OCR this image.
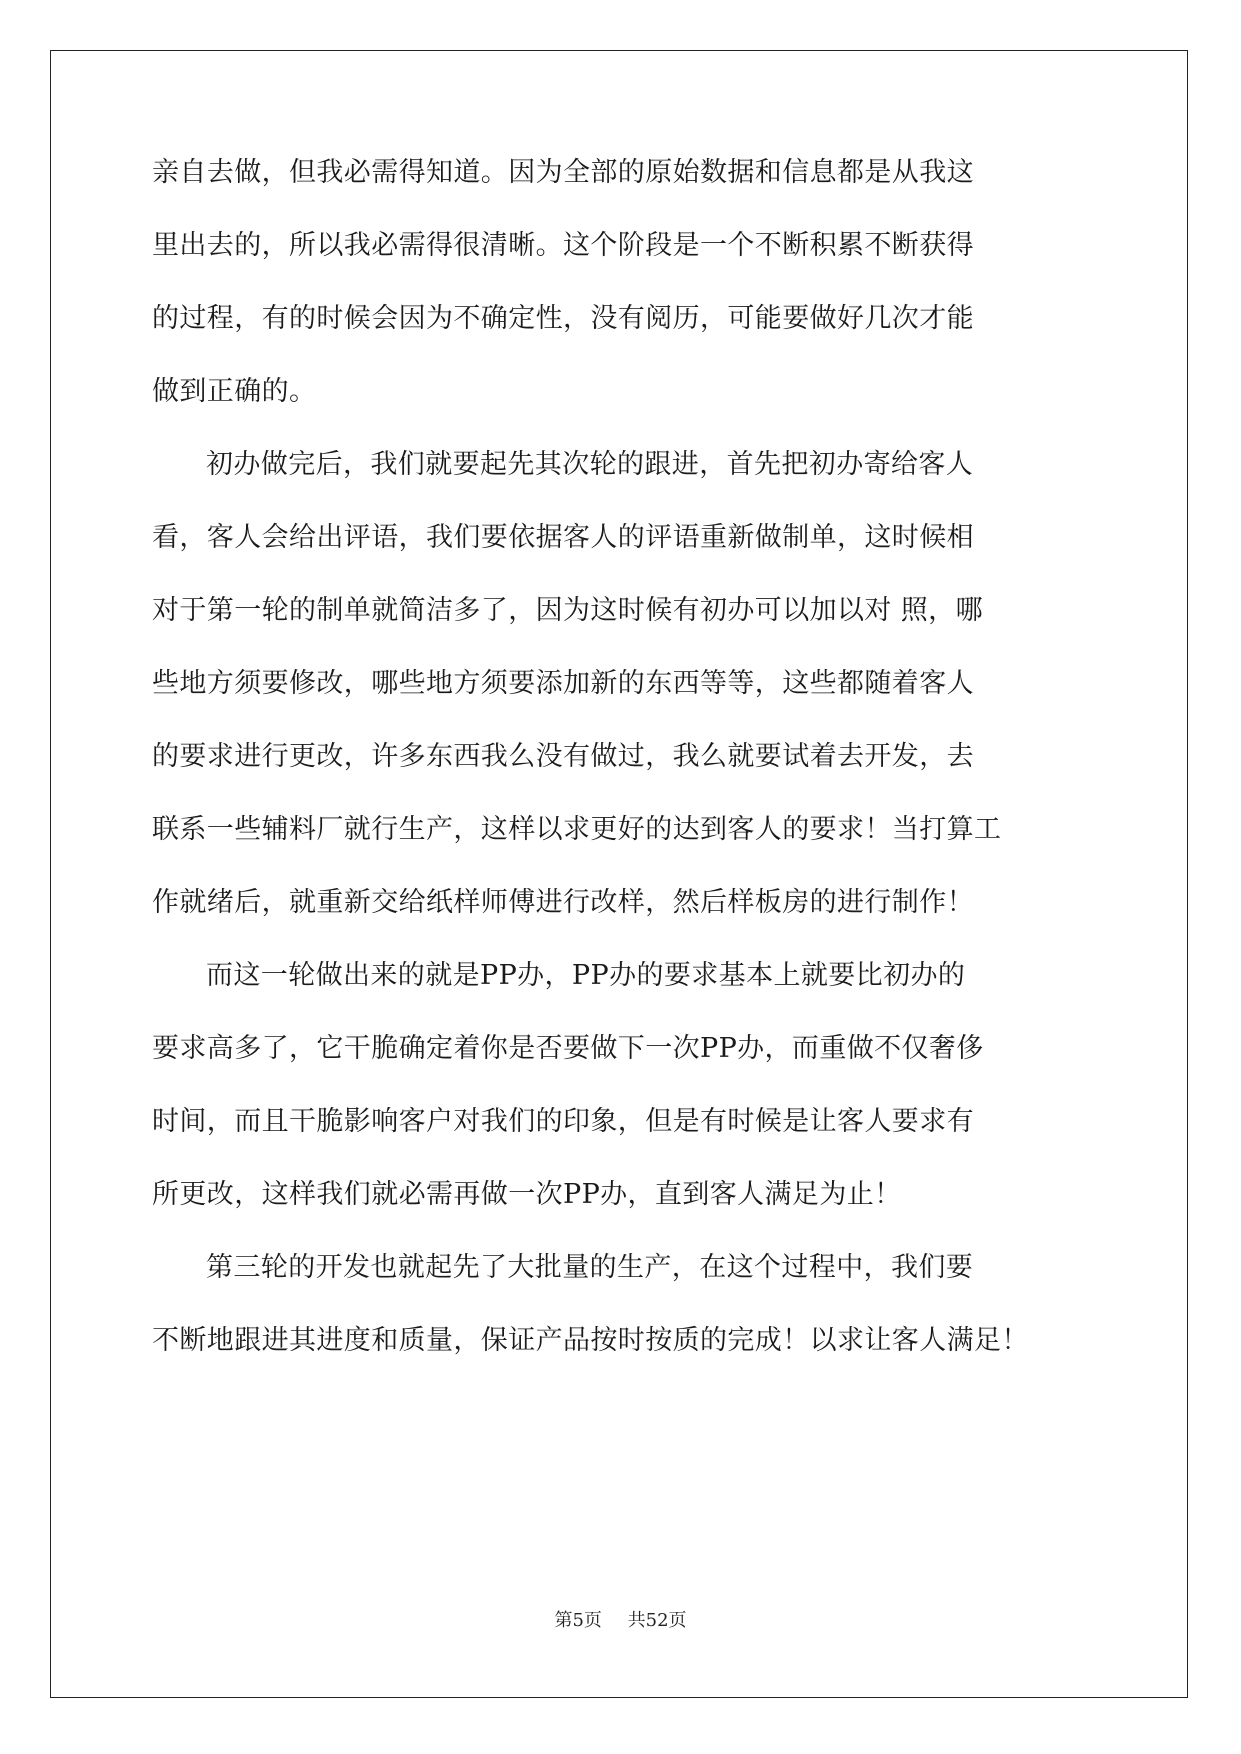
亲自去做，但我必需得知道。因为全部的原始数据和信息都是从我这
里出去的，所以我必需得很清晰。这个阶段是一个不断积累不断获得
的过程，有的时候会因为不确定性，没有阅历，可能要做好几次才能
做到正确的。
初办做完后，我们就要起先其次轮的跟进，首先把初办寄给客人
看，客人会给出评语，我们要依据客人的评语重新做制单，这时候相
对于第一轮的制单就简洁多了，因为这时候有初办可以加以对 照，哪
些地方须要修改，哪些地方须要添加新的东西等等，这些都随着客人
的要求进行更改，许多东西我么没有做过，我么就要试着去开发，去
联系一些辅料厂就行生产，这样以求更好的达到客人的要求！当打算工
作就绪后，就重新交给纸样师傅进行改样，然后样板房的进行制作！
而这一轮做出来的就是PP办，PP办的要求基本上就要比初办的
要求高多了，它干脆确定着你是否要做下一次PP办，而重做不仅奢侈
时间，而且干脆影响客户对我们的印象，但是有时候是让客人要求有
所更改，这样我们就必需再做一次PP办，直到客人满足为止！
第三轮的开发也就起先了大批量的生产，在这个过程中，我们要
不断地跟进其进度和质量，保证产品按时按质的完成！以求让客人满足！
第5页 共52页
